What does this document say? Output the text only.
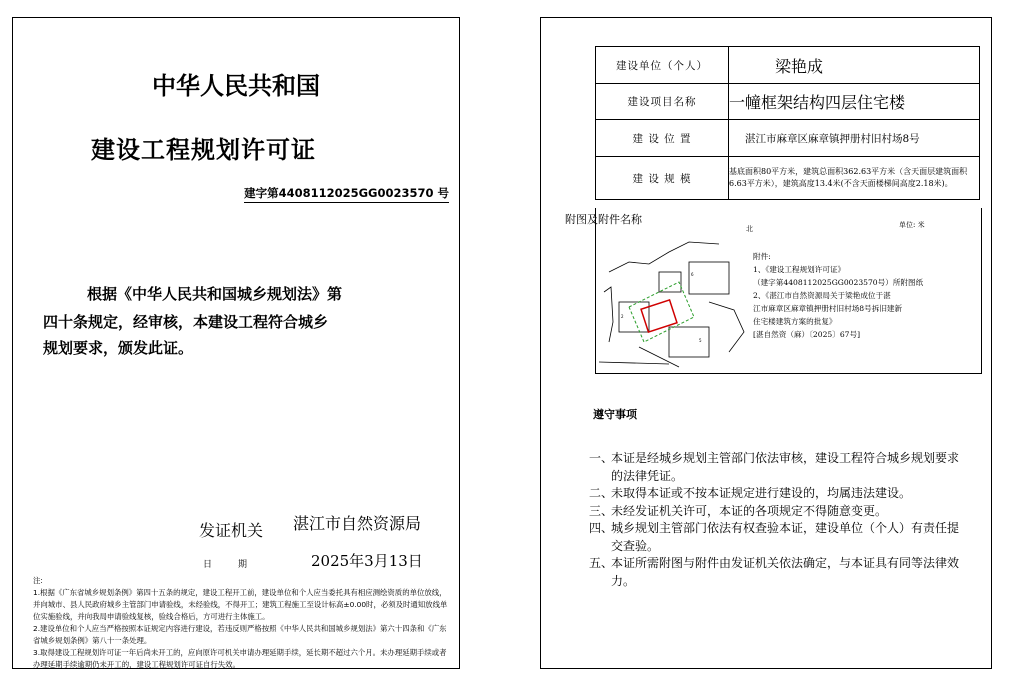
中华人民共和国
建设工程规划许可证
建字第4408112025GG0023570 号
根据《中华人民共和国城乡规划法》第
四十条规定，经审核，本建设工程符合城乡
规划要求，颁发此证。
发证机关 湛江市自然资源局
日期	2025年3月13日
注:
1.根据《广东省城乡规划条例》第四十五条的规定，建设工程开工前，建设单位和个人应当委托具有相应测绘资质的单位放线，并向城市、县人民政府城乡主管部门申请验线，未经验线，不得开工；建筑工程施工至设计标高±0.00时，必须及时通知放线单位实施验线，并向我局申请验线复核，验线合格后，方可进行主体施工。
2.建设单位和个人应当严格按照本证规定内容进行建设，若违反则严格按照《中华人民共和国城乡规划法》第六十四条和《广东省城乡规划条例》第八十一条处理。
3.取得建设工程规划许可证一年后尚未开工的，应向原许可机关申请办理延期手续，延长期不超过六个月。未办理延期手续或者办理延期手续逾期仍未开工的，建设工程规划许可证自行失效。
建设单位（个人）	梁艳成
建设项目名称	一幢框架结构四层住宅楼
建 设 位 置	湛江市麻章区麻章镇押册村旧村场8号
建 设 规 模	基底面积80平方米，建筑总面积362.63平方米（含天面层建筑面积6.63平方米），建筑高度13.4米(不含天面楼梯间高度2.18米)。
附图及附件名称	单位: 米
北
6
2
5
附件:
1、《建设工程规划许可证》
（建字第4408112025GG0023570号）所附图纸
2、《湛江市自然资源局关于梁艳成位于湛
江市麻章区麻章镇押册村旧村场8号拆旧建新
住宅楼建筑方案的批复》
[湛自然资（麻）〔2025〕67号]
遵守事项
一、本证是经城乡规划主管部门依法审核，建设工程符合城乡规划要求的法律凭证。
二、未取得本证或不按本证规定进行建设的，均属违法建设。
三、未经发证机关许可，本证的各项规定不得随意变更。
四、城乡规划主管部门依法有权查验本证，建设单位（个人）有责任提交查验。
五、本证所需附图与附件由发证机关依法确定，与本证具有同等法律效力。
